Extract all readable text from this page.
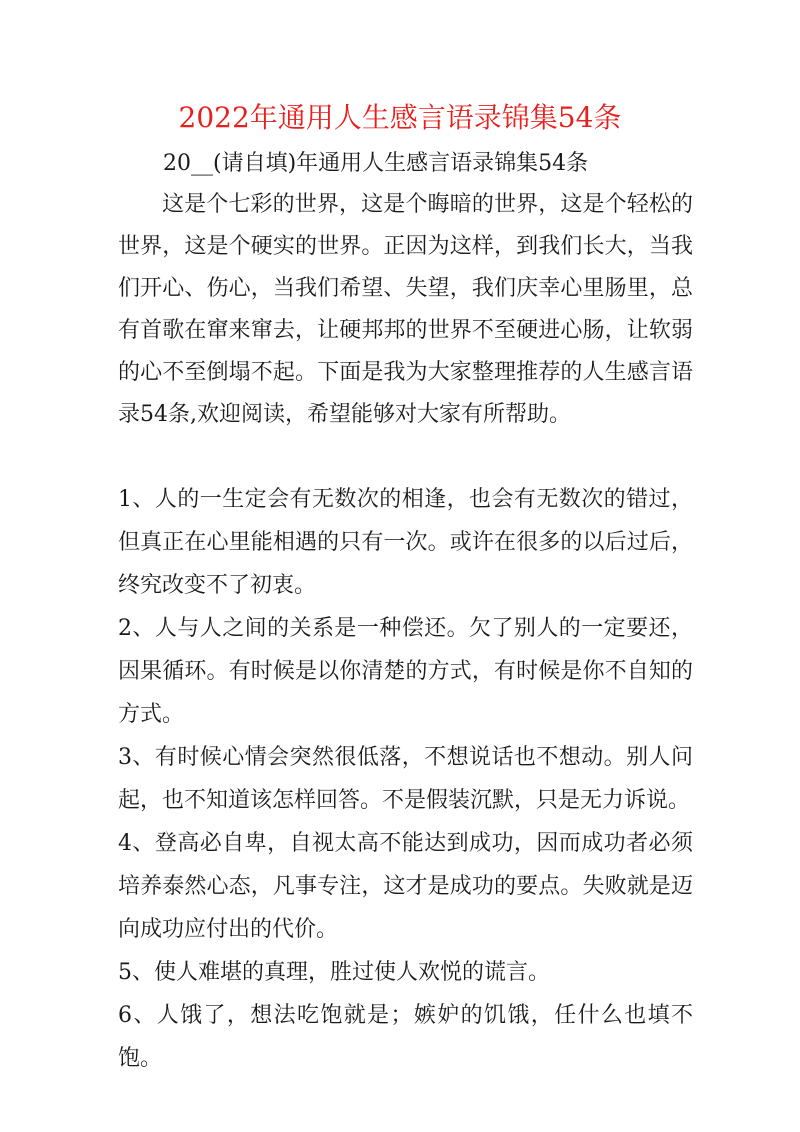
2022年通用人生感言语录锦集54条

20__(请自填)年通用人生感言语录锦集54条

这是个七彩的世界，这是个晦暗的世界，这是个轻松的世界，这是个硬实的世界。正因为这样，到我们长大，当我们开心、伤心，当我们希望、失望，我们庆幸心里肠里，总有首歌在窜来窜去，让硬邦邦的世界不至硬进心肠，让软弱的心不至倒塌不起。下面是我为大家整理推荐的人生感言语录54条,欢迎阅读，希望能够对大家有所帮助。

1、人的一生定会有无数次的相逢，也会有无数次的错过，但真正在心里能相遇的只有一次。或许在很多的以后过后，终究改变不了初衷。
2、人与人之间的关系是一种偿还。欠了别人的一定要还，因果循环。有时候是以你清楚的方式，有时候是你不自知的方式。
3、有时候心情会突然很低落，不想说话也不想动。别人问起，也不知道该怎样回答。不是假装沉默，只是无力诉说。
4、登高必自卑，自视太高不能达到成功，因而成功者必须培养泰然心态，凡事专注，这才是成功的要点。失败就是迈向成功应付出的代价。
5、使人难堪的真理，胜过使人欢悦的谎言。
6、人饿了，想法吃饱就是；嫉妒的饥饿，任什么也填不饱。
